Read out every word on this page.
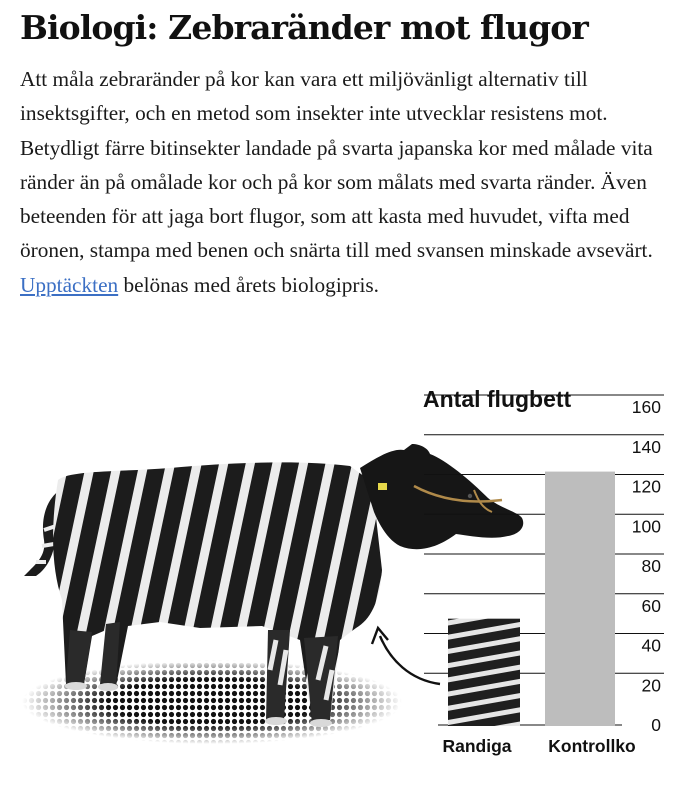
Biologi: Zebraränder mot flugor

Att måla zebraränder på kor kan vara ett miljövänligt alternativ till insektsgifter, och en metod som insekter inte utvecklar resistens mot. Betydligt färre bitinsekter landade på svarta japanska kor med målade vita ränder än på omålade kor och på kor som målats med svarta ränder. Även beteenden för att jaga bort flugor, som att kasta med huvudet, vifta med öronen, stampa med benen och snärta till med svansen minskade avsevärt. Upptäckten belönas med årets biologipris.

160
140
120
100
80
60
40
20
0
Randiga Kontrollko
Antal flugbett
